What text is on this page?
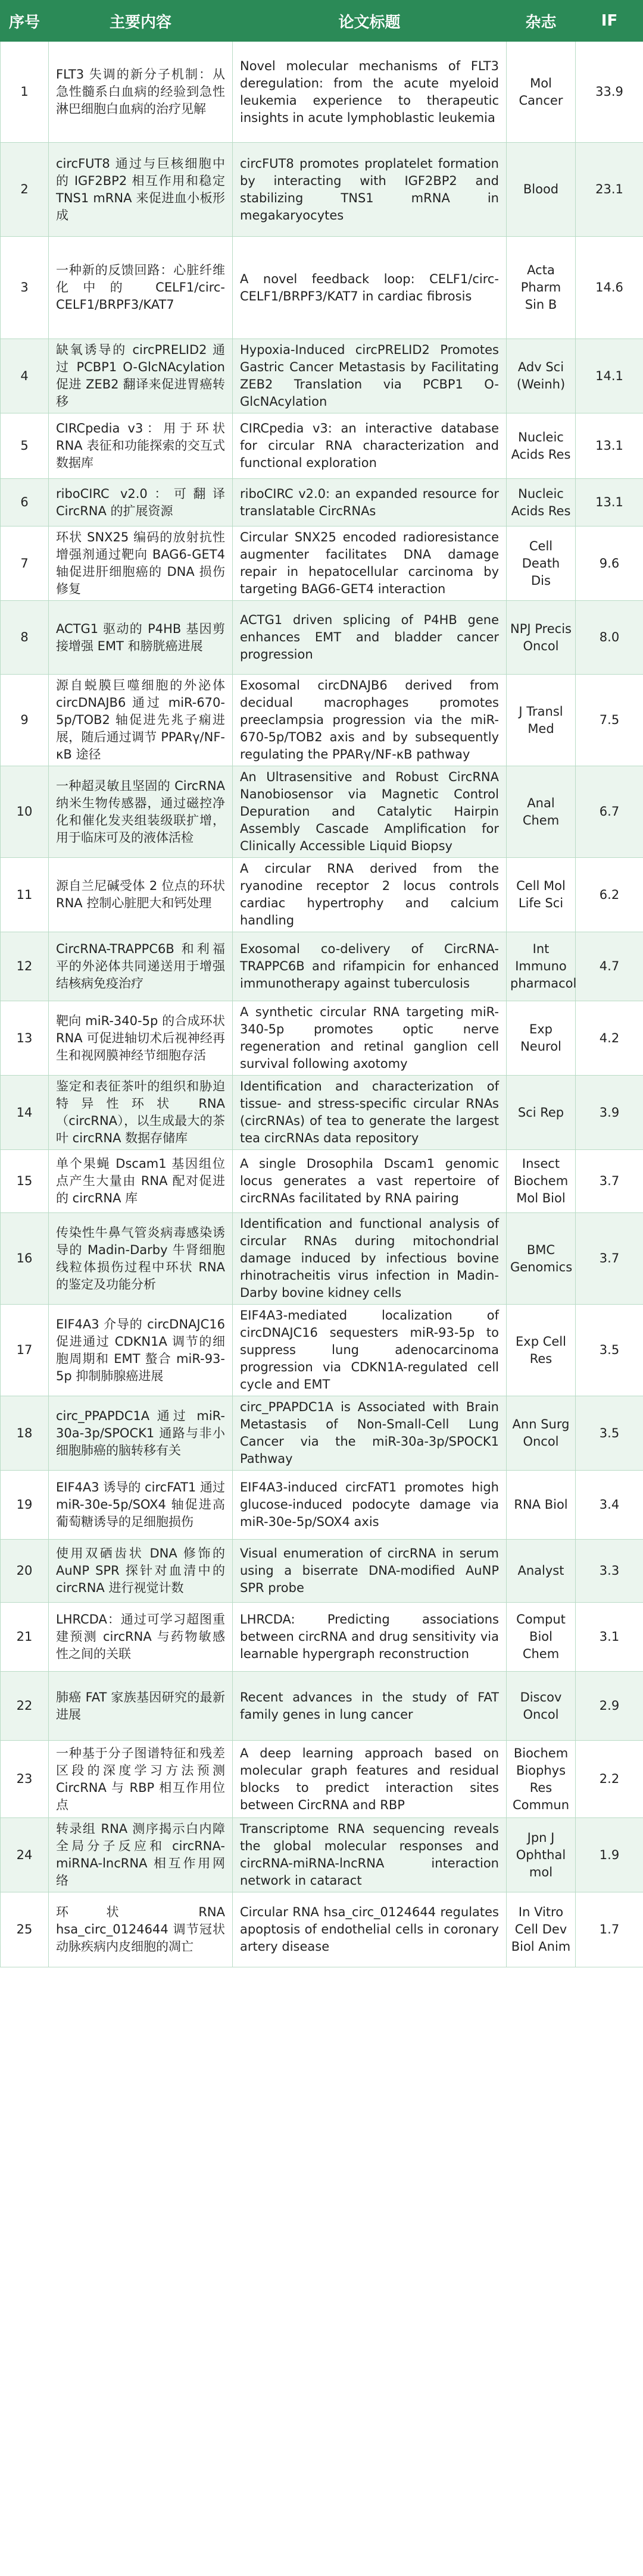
序号	主要内容	论文标题	杂志	IF
1	FLT3 失调的新分子机制：从急性髓系白血病的经验到急性淋巴细胞白血病的治疗见解	Novel molecular mechanisms of FLT3 deregulation: from the acute myeloid leukemia experience to therapeutic insights in acute lymphoblastic leukemia	Mol Cancer	33.9
2	circFUT8 通过与巨核细胞中的 IGF2BP2 相互作用和稳定 TNS1 mRNA 来促进血小板形成	circFUT8 promotes proplatelet formation by interacting with IGF2BP2 and stabilizing TNS1 mRNA in megakaryocytes	Blood	23.1
3	一种新的反馈回路：心脏纤维化中的 CELF1/circ-CELF1/BRPF3/KAT7	A novel feedback loop: CELF1/circ-CELF1/BRPF3/KAT7 in cardiac fibrosis	Acta Pharm Sin B	14.6
4	缺氧诱导的 circPRELID2 通过 PCBP1 O-GlcNAcylation 促进 ZEB2 翻译来促进胃癌转移	Hypoxia-Induced circPRELID2 Promotes Gastric Cancer Metastasis by Facilitating ZEB2 Translation via PCBP1 O-GlcNAcylation	Adv Sci (Weinh)	14.1
5	CIRCpedia v3：用于环状 RNA 表征和功能探索的交互式数据库	CIRCpedia v3: an interactive database for circular RNA characterization and functional exploration	Nucleic Acids Res	13.1
6	riboCIRC v2.0：可翻译 CircRNA 的扩展资源	riboCIRC v2.0: an expanded resource for translatable CircRNAs	Nucleic Acids Res	13.1
7	环状 SNX25 编码的放射抗性增强剂通过靶向 BAG6-GET4 轴促进肝细胞癌的 DNA 损伤修复	Circular SNX25 encoded radioresistance augmenter facilitates DNA damage repair in hepatocellular carcinoma by targeting BAG6-GET4 interaction	Cell Death Dis	9.6
8	ACTG1 驱动的 P4HB 基因剪接增强 EMT 和膀胱癌进展	ACTG1 driven splicing of P4HB gene enhances EMT and bladder cancer progression	NPJ Precis Oncol	8.0
9	源自蜕膜巨噬细胞的外泌体 circDNAJB6 通过 miR-670-5p/TOB2 轴促进先兆子痫进展，随后通过调节 PPARγ/NF-κB 途径	Exosomal circDNAJB6 derived from decidual macrophages promotes preeclampsia progression via the miR-670-5p/TOB2 axis and by subsequently regulating the PPARγ/NF-κB pathway	J Transl Med	7.5
10	一种超灵敏且坚固的 CircRNA 纳米生物传感器，通过磁控净化和催化发夹组装级联扩增，用于临床可及的液体活检	An Ultrasensitive and Robust CircRNA Nanobiosensor via Magnetic Control Depuration and Catalytic Hairpin Assembly Cascade Amplification for Clinically Accessible Liquid Biopsy	Anal Chem	6.7
11	源自兰尼碱受体 2 位点的环状 RNA 控制心脏肥大和钙处理	A circular RNA derived from the ryanodine receptor 2 locus controls cardiac hypertrophy and calcium handling	Cell Mol Life Sci	6.2
12	CircRNA-TRAPPC6B 和利福平的外泌体共同递送用于增强结核病免疫治疗	Exosomal co-delivery of CircRNA-TRAPPC6B and rifampicin for enhanced immunotherapy against tuberculosis	Int Immuno pharmacol	4.7
13	靶向 miR-340-5p 的合成环状 RNA 可促进轴切术后视神经再生和视网膜神经节细胞存活	A synthetic circular RNA targeting miR-340-5p promotes optic nerve regeneration and retinal ganglion cell survival following axotomy	Exp Neurol	4.2
14	鉴定和表征茶叶的组织和胁迫特异性环状 RNA（circRNA），以生成最大的茶叶 circRNA 数据存储库	Identification and characterization of tissue- and stress-specific circular RNAs (circRNAs) of tea to generate the largest tea circRNAs data repository	Sci Rep	3.9
15	单个果蝇 Dscam1 基因组位点产生大量由 RNA 配对促进的 circRNA 库	A single Drosophila Dscam1 genomic locus generates a vast repertoire of circRNAs facilitated by RNA pairing	Insect Biochem Mol Biol	3.7
16	传染性牛鼻气管炎病毒感染诱导的 Madin-Darby 牛肾细胞线粒体损伤过程中环状 RNA 的鉴定及功能分析	Identification and functional analysis of circular RNAs during mitochondrial damage induced by infectious bovine rhinotracheitis virus infection in Madin-Darby bovine kidney cells	BMC Genomics	3.7
17	EIF4A3 介导的 circDNAJC16 促进通过 CDKN1A 调节的细胞周期和 EMT 螯合 miR-93-5p 抑制肺腺癌进展	EIF4A3-mediated localization of circDNAJC16 sequesters miR-93-5p to suppress lung adenocarcinoma progression via CDKN1A-regulated cell cycle and EMT	Exp Cell Res	3.5
18	circ_PPAPDC1A 通过 miR-30a-3p/SPOCK1 通路与非小细胞肺癌的脑转移有关	circ_PPAPDC1A is Associated with Brain Metastasis of Non-Small-Cell Lung Cancer via the miR-30a-3p/SPOCK1 Pathway	Ann Surg Oncol	3.5
19	EIF4A3 诱导的 circFAT1 通过 miR-30e-5p/SOX4 轴促进高葡萄糖诱导的足细胞损伤	EIF4A3-induced circFAT1 promotes high glucose-induced podocyte damage via miR-30e-5p/SOX4 axis	RNA Biol	3.4
20	使用双硒齿状 DNA 修饰的 AuNP SPR 探针对血清中的 circRNA 进行视觉计数	Visual enumeration of circRNA in serum using a biserrate DNA-modified AuNP SPR probe	Analyst	3.3
21	LHRCDA：通过可学习超图重建预测 circRNA 与药物敏感性之间的关联	LHRCDA: Predicting associations between circRNA and drug sensitivity via learnable hypergraph reconstruction	Comput Biol Chem	3.1
22	肺癌 FAT 家族基因研究的最新进展	Recent advances in the study of FAT family genes in lung cancer	Discov Oncol	2.9
23	一种基于分子图谱特征和残差区段的深度学习方法预测 CircRNA 与 RBP 相互作用位点	A deep learning approach based on molecular graph features and residual blocks to predict interaction sites between CircRNA and RBP	Biochem Biophys Res Commun	2.2
24	转录组 RNA 测序揭示白内障全局分子反应和 circRNA-miRNA-lncRNA 相互作用网络	Transcriptome RNA sequencing reveals the global molecular responses and circRNA-miRNA-lncRNA interaction network in cataract	Jpn J Ophthal mol	1.9
25	环状 RNA hsa_circ_0124644 调节冠状动脉疾病内皮细胞的凋亡	Circular RNA hsa_circ_0124644 regulates apoptosis of endothelial cells in coronary artery disease	In Vitro Cell Dev Biol Anim	1.7
